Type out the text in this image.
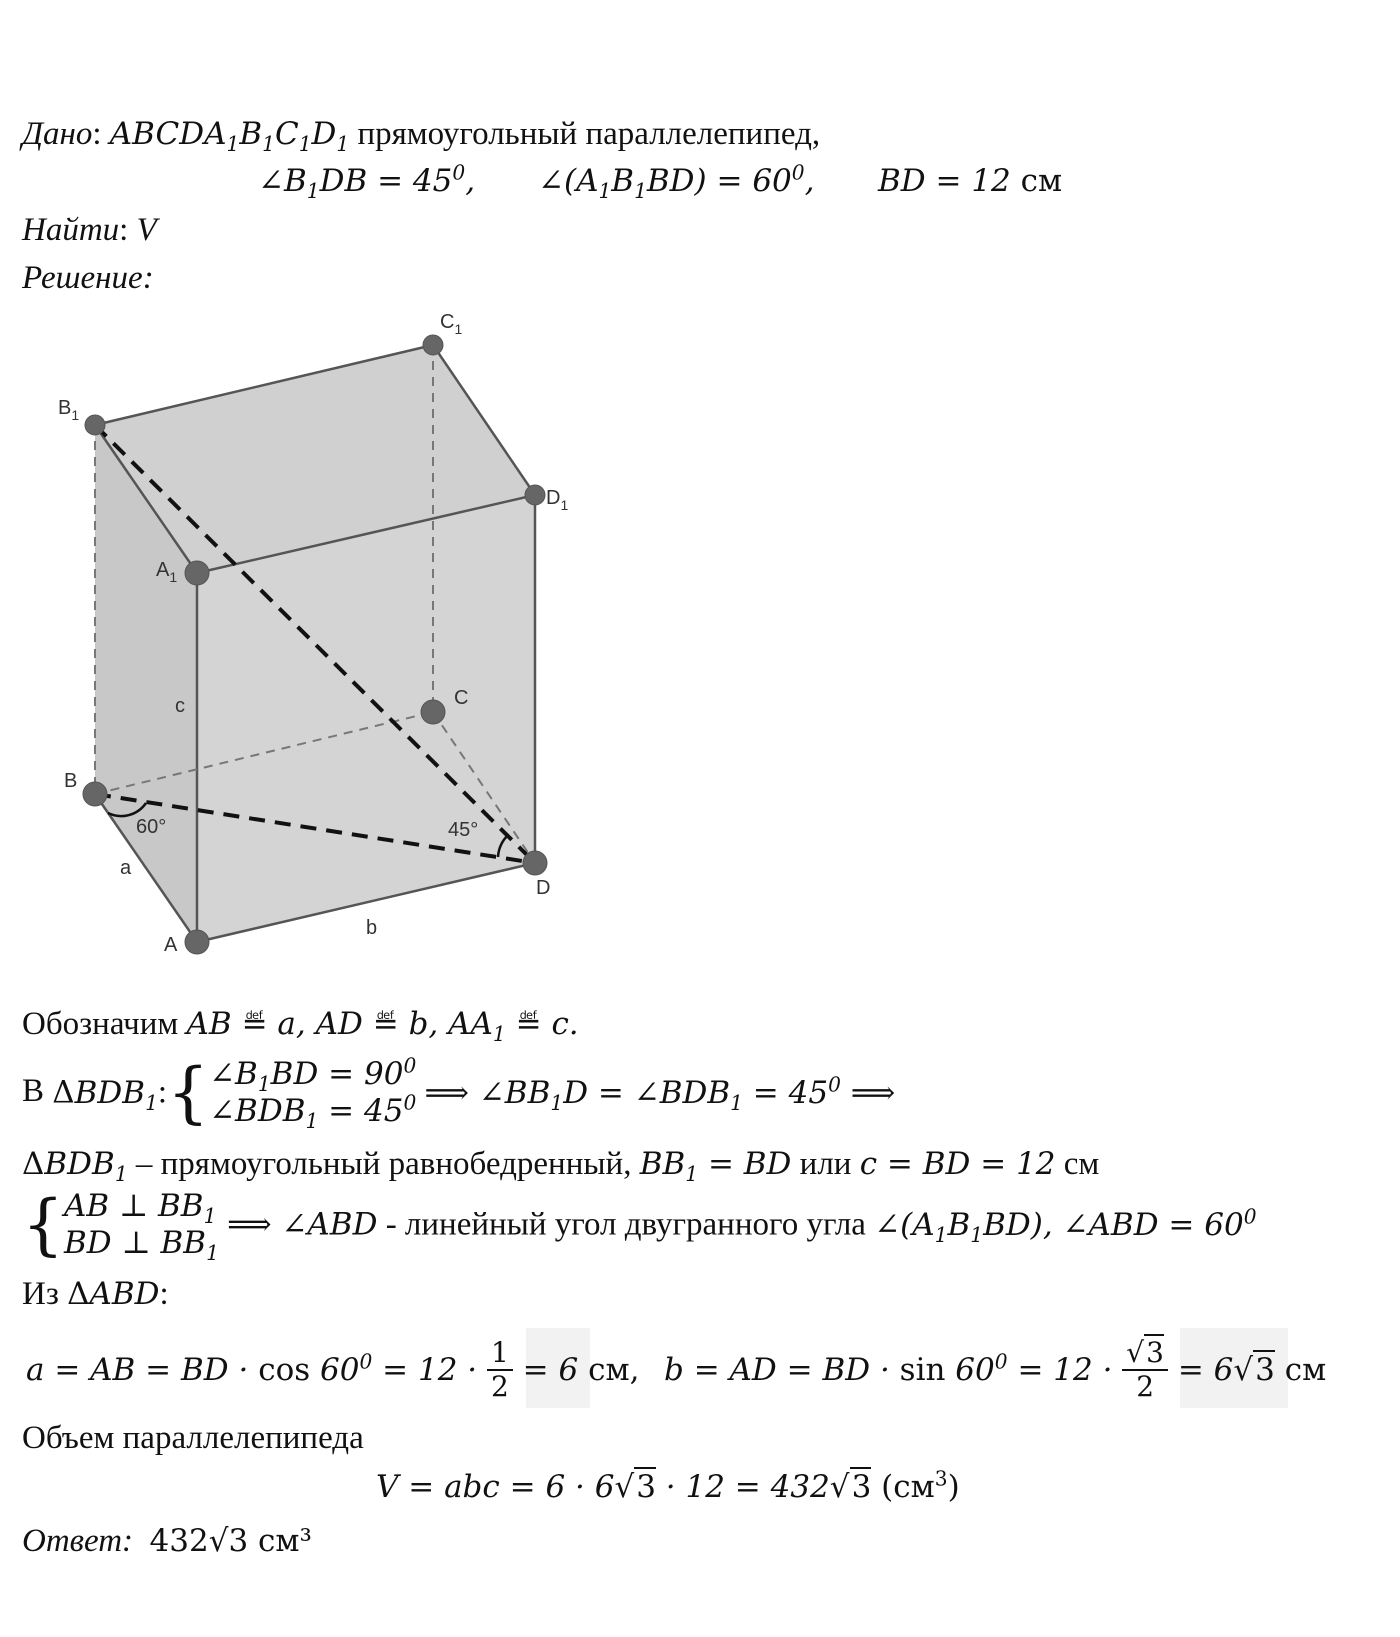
Дано: $ABCDA_1B_1C_1D_1$ прямоугольный параллелепипед,
$\angle B_1DB = 45^0$, $\angle(A_1B_1BD) = 60^0$, BD = 12 см
Найти: V
Решение:
$B_1$
$C_1$
$D_1$
$A_1$
C
B
D
A
c
a
b
60°	45°
Обозначим AB ≝ a, AD ≝ b, $AA_1$ ≝ c.
В $\Delta BDB_1:\{\angle B_1BD = 90^0$
$\angle BDB_1 = 45^0$ ⟹ $\angle BB_1D$ = $\angle BDB_1 = 45^0$ ⟹
$\Delta BDB_1$ – прямоугольный равнобедренный, $BB_1$ = BD или c = BD = 12 см
{AB ⊥ $BB_1$
BD ⊥ $BB_1$ ⟹ ∠ABD - линейный угол двугранного угла $\angle(A_1B_1BD)$, ∠ABD = $60^0$
Из ΔABD:
a = AB = BD · $\cos 60^0 = 12 \cdot \frac{1}{2} = 6$ см, b = AD = BD · $\sin 60^0 = 12 \cdot \frac{√3}{2} = 6√3$ см
Объем параллелепипеда
V = abc = 6 · 6√3 · 12 = 432√3 $(см^3)$
Ответ: 432√3 см³
